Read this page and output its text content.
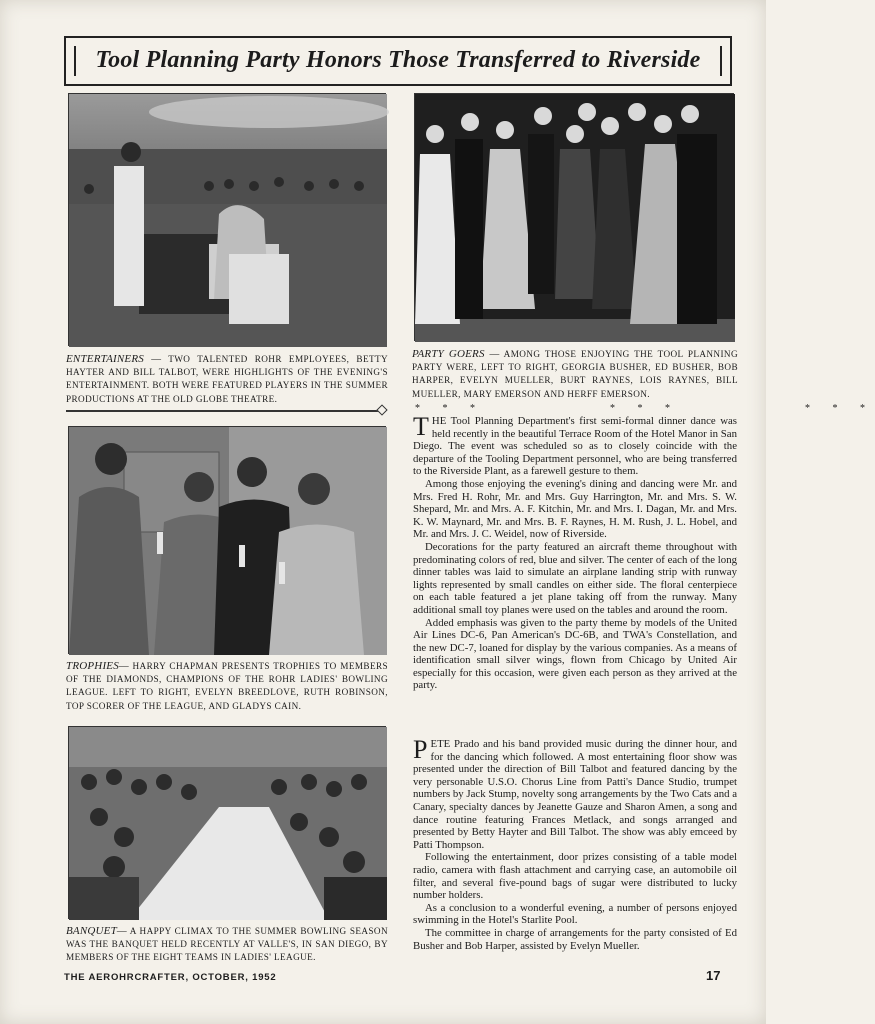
Tool Planning Party Honors Those Transferred to Riverside
ENTERTAINERS — TWO TALENTED ROHR EMPLOYEES, BETTY HAYTER AND BILL TALBOT, WERE HIGHLIGHTS OF THE EVENING'S ENTERTAINMENT. BOTH WERE FEATURED PLAYERS IN THE SUMMER PRODUCTIONS AT THE OLD GLOBE THEATRE.
PARTY GOERS — AMONG THOSE ENJOYING THE TOOL PLANNING PARTY WERE, LEFT TO RIGHT, GEORGIA BUSHER, ED BUSHER, BOB HARPER, EVELYN MUELLER, BURT RAYNES, LOIS RAYNES, BILL MUELLER, MARY EMERSON AND HERFF EMERSON.
* * *          * * *          * * *
TROPHIES— HARRY CHAPMAN PRESENTS TROPHIES TO MEMBERS OF THE DIAMONDS, CHAMPIONS OF THE ROHR LADIES' BOWLING LEAGUE. LEFT TO RIGHT, EVELYN BREEDLOVE, RUTH ROBINSON, TOP SCORER OF THE LEAGUE, AND GLADYS CAIN.
BANQUET— A HAPPY CLIMAX TO THE SUMMER BOWLING SEASON WAS THE BANQUET HELD RECENTLY AT VALLE'S, IN SAN DIEGO, BY MEMBERS OF THE EIGHT TEAMS IN LADIES' LEAGUE.

THE Tool Planning Department's first semi-formal dinner dance was held recently in the beautiful Terrace Room of the Hotel Manor in San Diego. The event was scheduled so as to closely coincide with the departure of the Tooling Department personnel, who are being transferred to the Riverside Plant, as a farewell gesture to them.

Among those enjoying the evening's dining and dancing were Mr. and Mrs. Fred H. Rohr, Mr. and Mrs. Guy Harrington, Mr. and Mrs. S. W. Shepard, Mr. and Mrs. A. F. Kitchin, Mr. and Mrs. I. Dagan, Mr. and Mrs. K. W. Maynard, Mr. and Mrs. B. F. Raynes, H. M. Rush, J. L. Hobel, and Mr. and Mrs. J. C. Weidel, now of Riverside.

Decorations for the party featured an aircraft theme throughout with predominating colors of red, blue and silver. The center of each of the long dinner tables was laid to simulate an airplane landing strip with runway lights represented by small candles on either side. The floral centerpiece on each table featured a jet plane taking off from the runway. Many additional small toy planes were used on the tables and around the room.

Added emphasis was given to the party theme by models of the United Air Lines DC-6, Pan American's DC-6B, and TWA's Constellation, and the new DC-7, loaned for display by the various companies. As a means of identification small silver wings, flown from Chicago by United Air especially for this occasion, were given each person as they arrived at the party.

PETE Prado and his band provided music during the dinner hour, and for the dancing which followed. A most entertaining floor show was presented under the direction of Bill Talbot and featured dancing by the very personable U.S.O. Chorus Line from Patti's Dance Studio, trumpet numbers by Jack Stump, novelty song arrangements by the Two Cats and a Canary, specialty dances by Jeanette Gauze and Sharon Amen, a song and dance routine featuring Frances Metlack, and songs arranged and presented by Betty Hayter and Bill Talbot. The show was ably emceed by Patti Thompson.

Following the entertainment, door prizes consisting of a table model radio, camera with flash attachment and carrying case, an automobile oil filter, and several five-pound bags of sugar were distributed to lucky number holders.

As a conclusion to a wonderful evening, a number of persons enjoyed swimming in the Hotel's Starlite Pool.

The committee in charge of arrangements for the party consisted of Ed Busher and Bob Harper, assisted by Evelyn Mueller.

THE AEROHRCRAFTER, OCTOBER, 1952	17
